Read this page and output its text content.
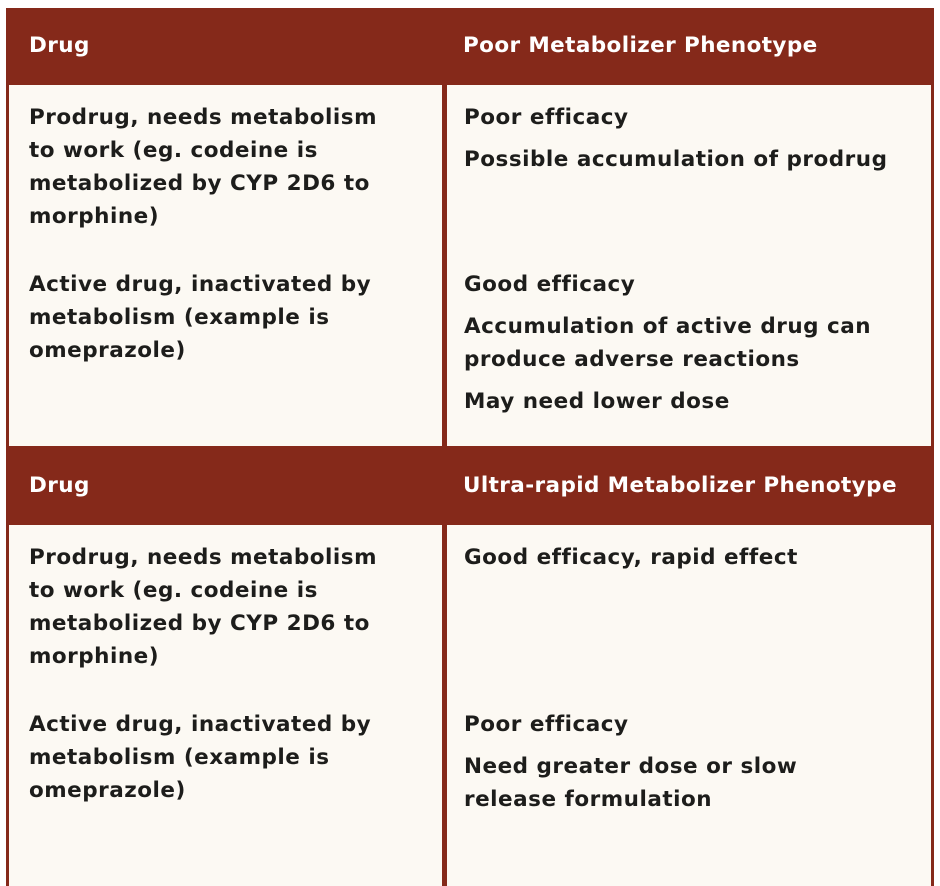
Drug	Poor Metabolizer Phenotype
Prodrug, needs metabolism
to work (eg. codeine is
metabolized by CYP 2D6 to
morphine)
Active drug, inactivated by
metabolism (example is
omeprazole)
Poor efficacy
Possible accumulation of prodrug
Good efficacy
Accumulation of active drug can
produce adverse reactions
May need lower dose
Drug	Ultra-rapid Metabolizer Phenotype
Prodrug, needs metabolism
to work (eg. codeine is
metabolized by CYP 2D6 to
morphine)
Active drug, inactivated by
metabolism (example is
omeprazole)
Good efficacy, rapid effect
Poor efficacy
Need greater dose or slow
release formulation
